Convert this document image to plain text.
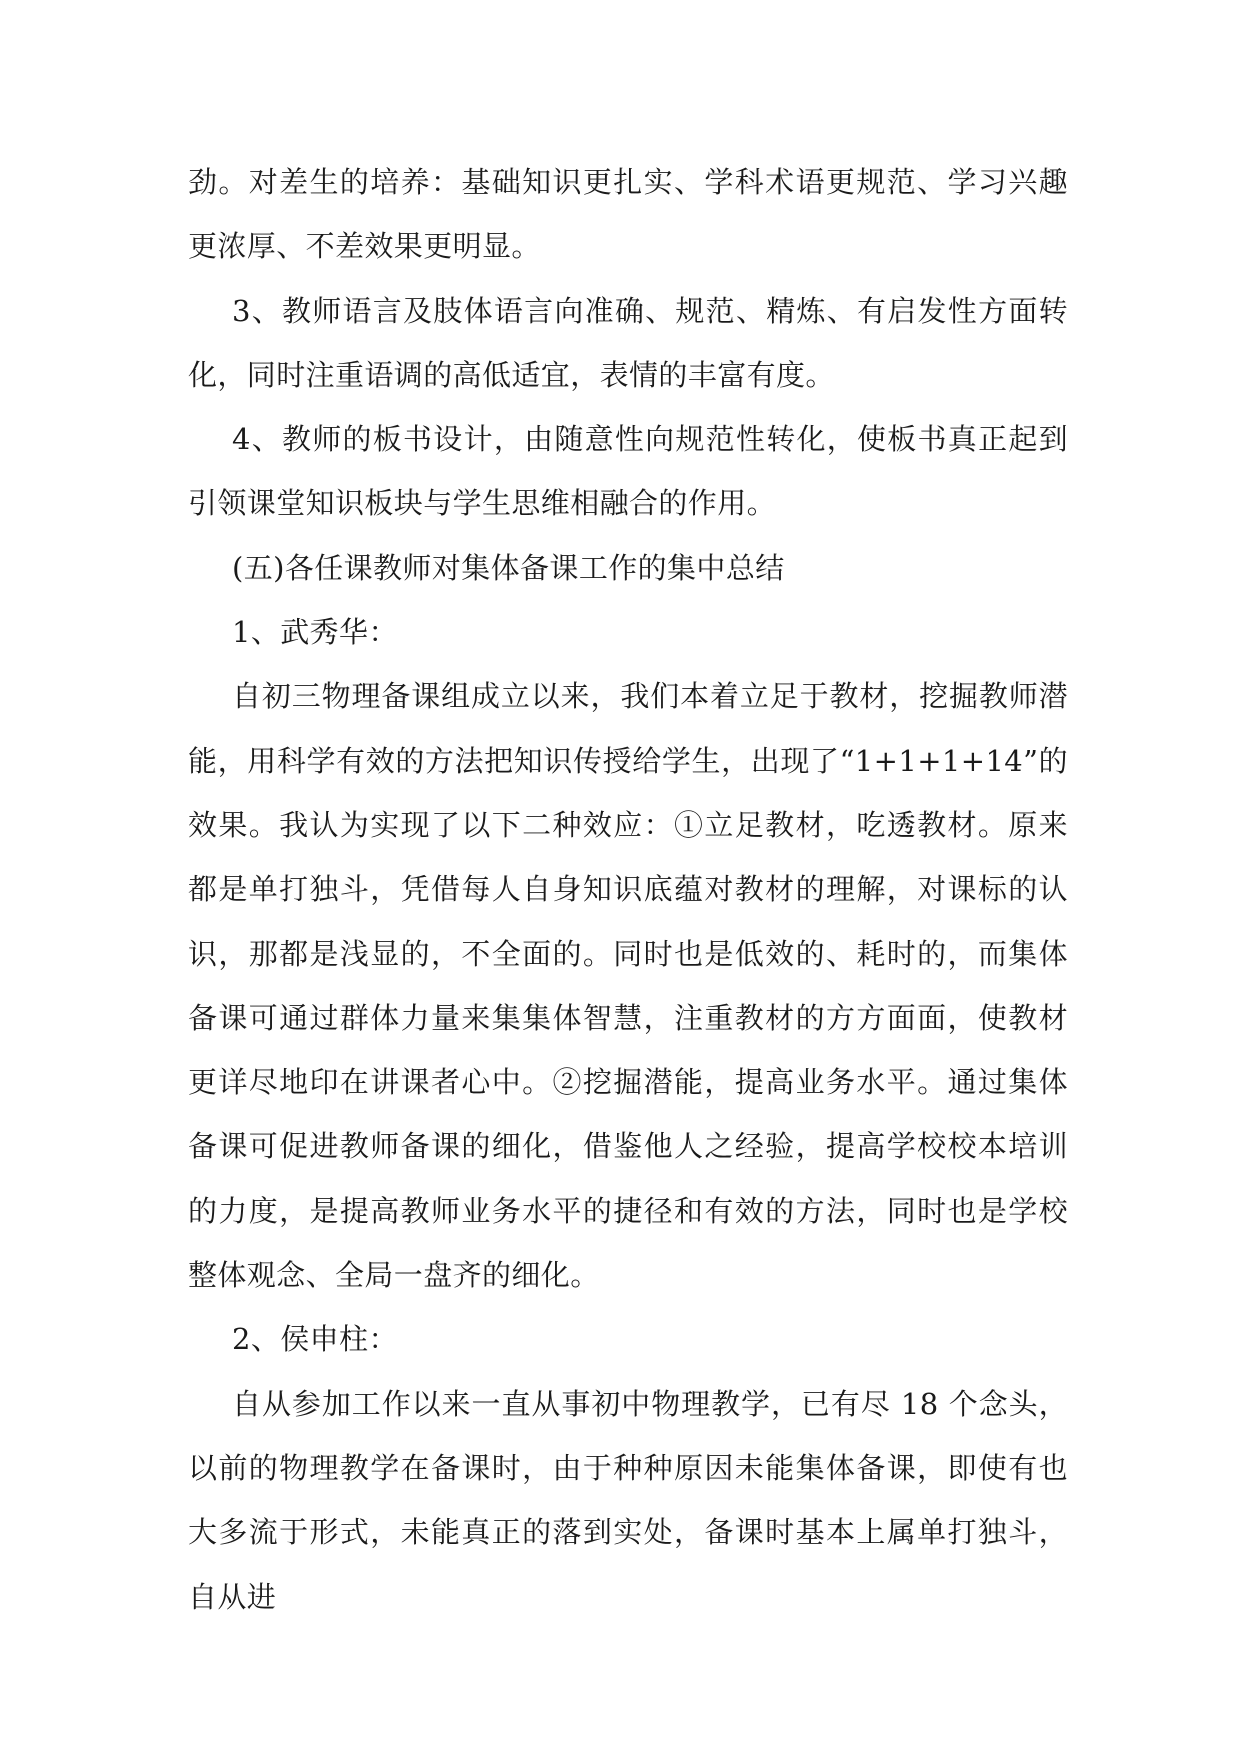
劲。对差生的培养：基础知识更扎实、学科术语更规范、学习兴趣更浓厚、不差效果更明显。

3、教师语言及肢体语言向准确、规范、精炼、有启发性方面转化，同时注重语调的高低适宜，表情的丰富有度。

4、教师的板书设计，由随意性向规范性转化，使板书真正起到引领课堂知识板块与学生思维相融合的作用。

(五)各任课教师对集体备课工作的集中总结

1、武秀华：

自初三物理备课组成立以来，我们本着立足于教材，挖掘教师潜能，用科学有效的方法把知识传授给学生，出现了“1+1+1+14”的效果。我认为实现了以下二种效应：①立足教材，吃透教材。原来都是单打独斗，凭借每人自身知识底蕴对教材的理解，对课标的认识，那都是浅显的，不全面的。同时也是低效的、耗时的，而集体备课可通过群体力量来集集体智慧，注重教材的方方面面，使教材更详尽地印在讲课者心中。②挖掘潜能，提高业务水平。通过集体备课可促进教师备课的细化，借鉴他人之经验，提高学校校本培训的力度，是提高教师业务水平的捷径和有效的方法，同时也是学校整体观念、全局一盘齐的细化。

2、侯申柱：

自从参加工作以来一直从事初中物理教学，已有尽 18 个念头，以前的物理教学在备课时，由于种种原因未能集体备课，即使有也大多流于形式，未能真正的落到实处，备课时基本上属单打独斗，自从进
